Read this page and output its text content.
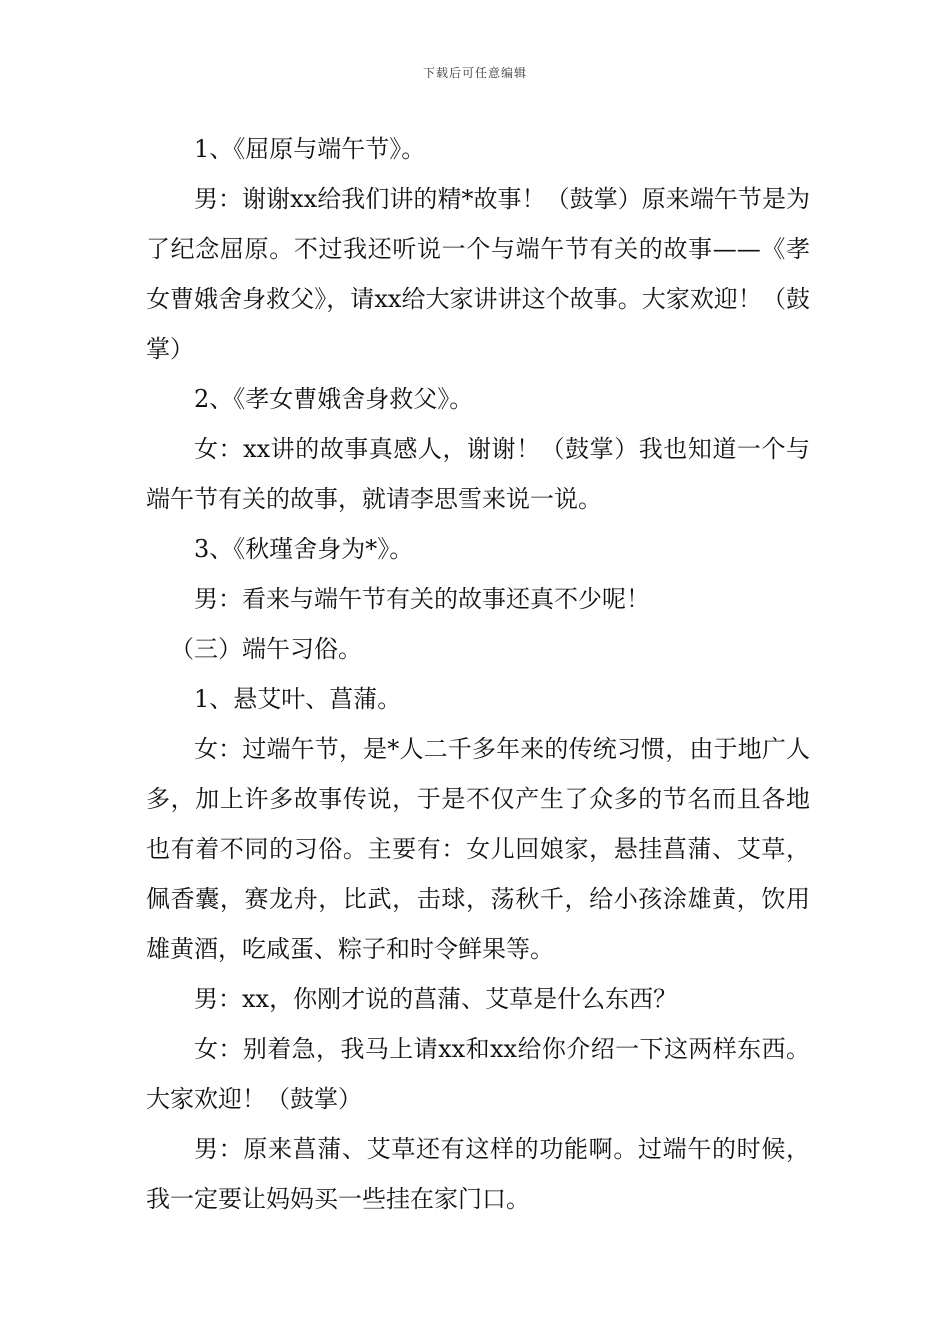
下载后可任意编辑

1、《屈原与端午节》。

男：谢谢xx给我们讲的精*故事！（鼓掌）原来端午节是为了纪念屈原。不过我还听说一个与端午节有关的故事——《孝女曹娥舍身救父》，请xx给大家讲讲这个故事。大家欢迎！（鼓掌）

2、《孝女曹娥舍身救父》。

女：xx讲的故事真感人，谢谢！（鼓掌）我也知道一个与端午节有关的故事，就请李思雪来说一说。

3、《秋瑾舍身为*》。

男：看来与端午节有关的故事还真不少呢！

（三）端午习俗。

1、悬艾叶、菖蒲。

女：过端午节，是*人二千多年来的传统习惯，由于地广人多，加上许多故事传说，于是不仅产生了众多的节名而且各地也有着不同的习俗。主要有：女儿回娘家，悬挂菖蒲、艾草，佩香囊，赛龙舟，比武，击球，荡秋千，给小孩涂雄黄，饮用雄黄酒，吃咸蛋、粽子和时令鲜果等。

男：xx，你刚才说的菖蒲、艾草是什么东西？

女：别着急，我马上请xx和xx给你介绍一下这两样东西。大家欢迎！（鼓掌）

男：原来菖蒲、艾草还有这样的功能啊。过端午的时候，我一定要让妈妈买一些挂在家门口。
